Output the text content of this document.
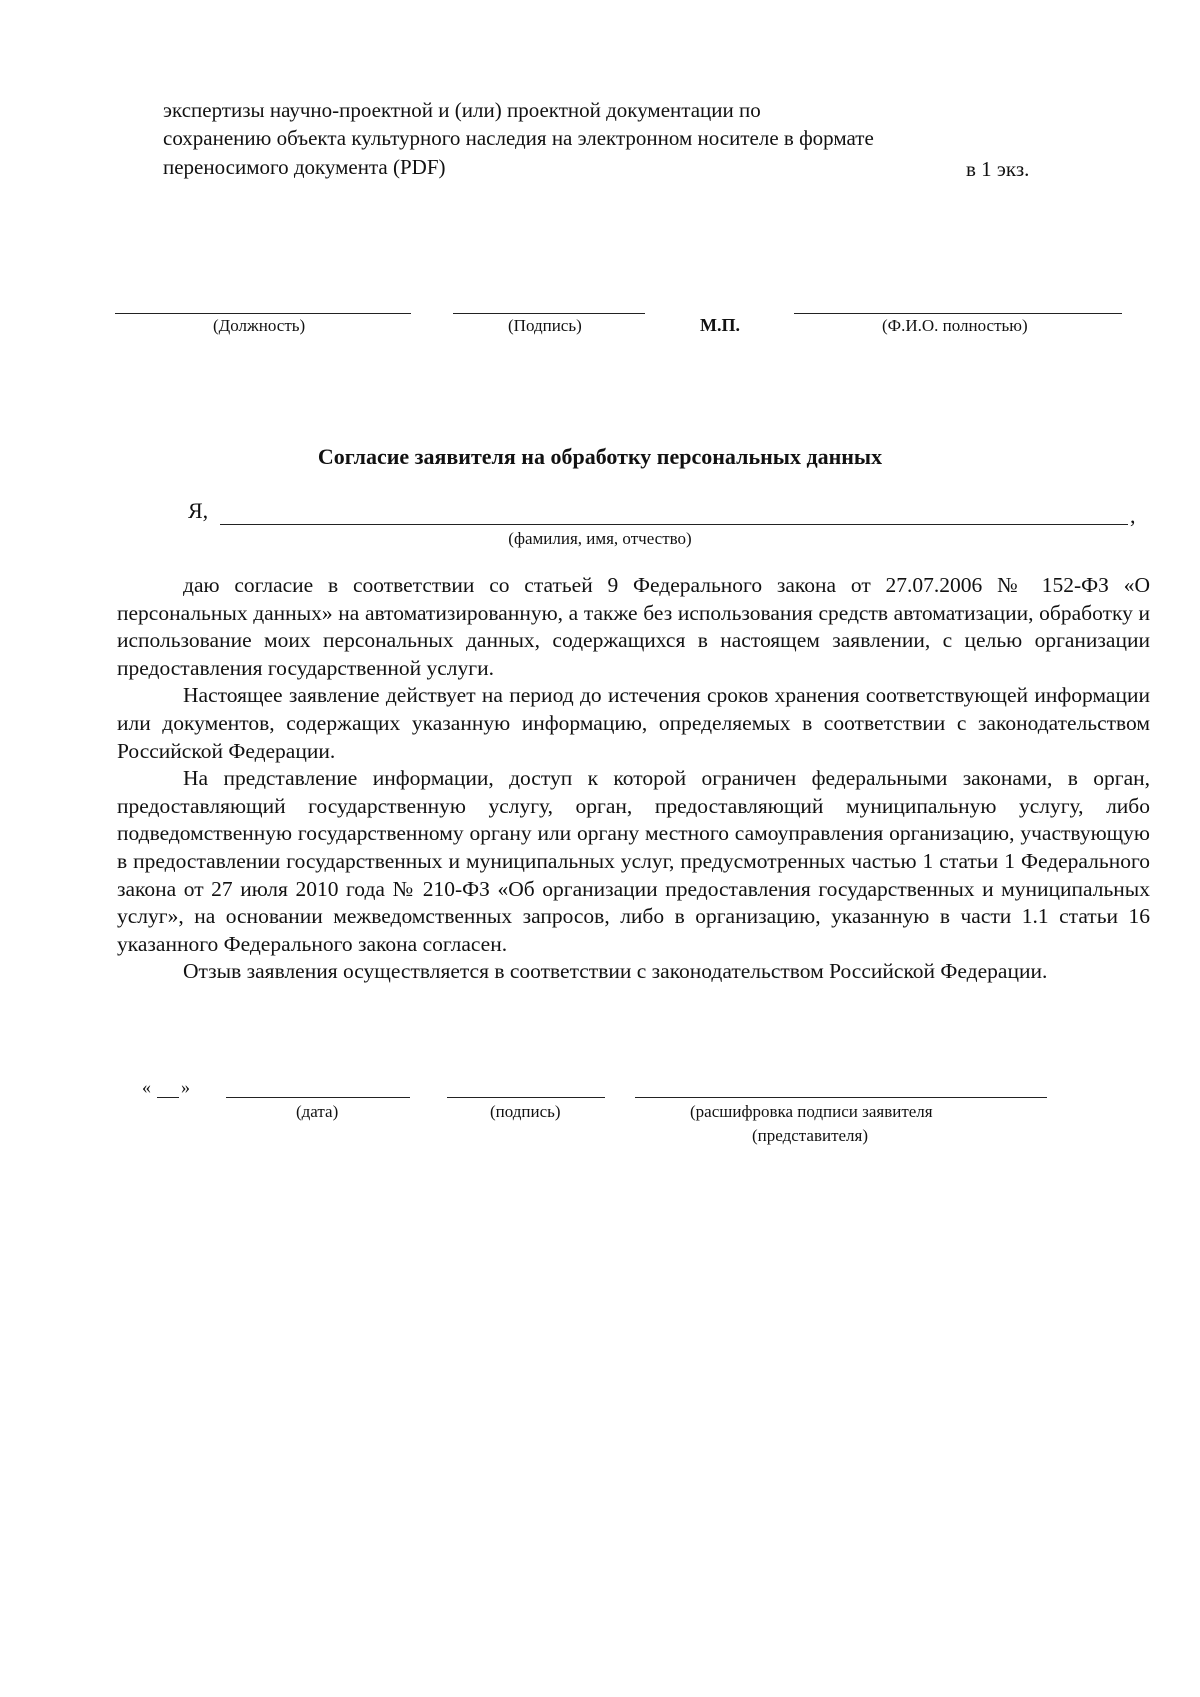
экспертизы научно-проектной и (или) проектной документации по
сохранению объекта культурного наследия на электронном носителе в формате
переносимого документа (PDF)	в 1 экз.
(Должность)	(Подпись)	М.П.	(Ф.И.О. полностью)
Согласие заявителя на обработку персональных данных
Я,	,
(фамилия, имя, отчество)

даю согласие в соответствии со статьей 9 Федерального закона от 27.07.2006 № 152-ФЗ «О персональных данных» на автоматизированную, а также без использования средств автоматизации, обработку и использование моих персональных данных, содержащихся в настоящем заявлении, с целью организации предоставления государственной услуги.

Настоящее заявление действует на период до истечения сроков хранения соответствующей информации или документов, содержащих указанную информацию, определяемых в соответствии с законодательством Российской Федерации.

На представление информации, доступ к которой ограничен федеральными законами, в орган, предоставляющий государственную услугу, орган, предоставляющий муниципальную услугу, либо подведомственную государственному органу или органу местного самоуправления организацию, участвующую в предоставлении государственных и муниципальных услуг, предусмотренных частью 1 статьи 1 Федерального закона от 27 июля 2010 года № 210-ФЗ «Об организации предоставления государственных и муниципальных услуг», на основании межведомственных запросов, либо в организацию, указанную в части 1.1 статьи 16 указанного Федерального закона согласен.

Отзыв заявления осуществляется в соответствии с законодательством Российской Федерации.

« »
(дата)	(подпись)	(расшифровка подписи заявителя
(представителя)
